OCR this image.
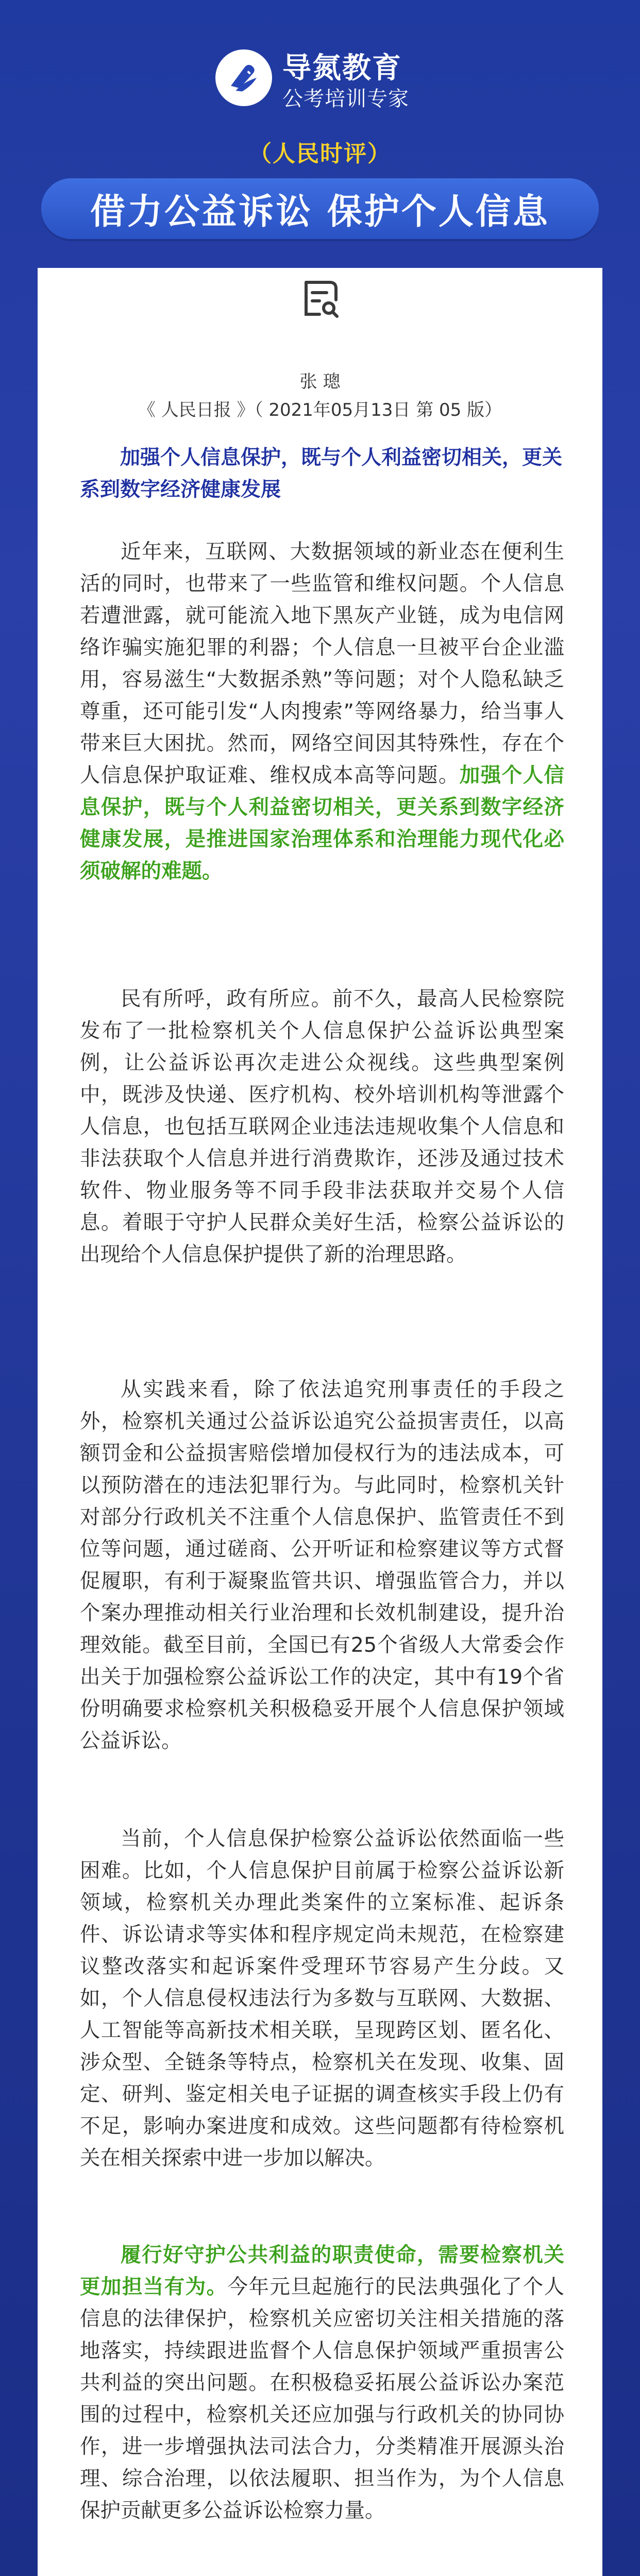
导氮教育
公考培训专家
（人民时评）
借力公益诉讼 保护个人信息
张 璁
《 人民日报 》（ 2021年05月13日 第 05 版）
加强个人信息保护，既与个人利益密切相关，更关系到数字经济健康发展

近年来，互联网、大数据领域的新业态在便利生活的同时，也带来了一些监管和维权问题。个人信息若遭泄露，就可能流入地下黑灰产业链，成为电信网络诈骗实施犯罪的利器；个人信息一旦被平台企业滥用，容易滋生“大数据杀熟”等问题；对个人隐私缺乏尊重，还可能引发“人肉搜索”等网络暴力，给当事人带来巨大困扰。然而，网络空间因其特殊性，存在个人信息保护取证难、维权成本高等问题。加强个人信息保护，既与个人利益密切相关，更关系到数字经济健康发展，是推进国家治理体系和治理能力现代化必须破解的难题。

民有所呼，政有所应。前不久，最高人民检察院发布了一批检察机关个人信息保护公益诉讼典型案例，让公益诉讼再次走进公众视线。这些典型案例中，既涉及快递、医疗机构、校外培训机构等泄露个人信息，也包括互联网企业违法违规收集个人信息和非法获取个人信息并进行消费欺诈，还涉及通过技术软件、物业服务等不同手段非法获取并交易个人信息。着眼于守护人民群众美好生活，检察公益诉讼的出现给个人信息保护提供了新的治理思路。

从实践来看，除了依法追究刑事责任的手段之外，检察机关通过公益诉讼追究公益损害责任，以高额罚金和公益损害赔偿增加侵权行为的违法成本，可以预防潜在的违法犯罪行为。与此同时，检察机关针对部分行政机关不注重个人信息保护、监管责任不到位等问题，通过磋商、公开听证和检察建议等方式督促履职，有利于凝聚监管共识、增强监管合力，并以个案办理推动相关行业治理和长效机制建设，提升治理效能。截至目前，全国已有25个省级人大常委会作出关于加强检察公益诉讼工作的决定，其中有19个省份明确要求检察机关积极稳妥开展个人信息保护领域公益诉讼。

当前，个人信息保护检察公益诉讼依然面临一些困难。比如，个人信息保护目前属于检察公益诉讼新领域，检察机关办理此类案件的立案标准、起诉条件、诉讼请求等实体和程序规定尚未规范，在检察建议整改落实和起诉案件受理环节容易产生分歧。又如，个人信息侵权违法行为多数与互联网、大数据、人工智能等高新技术相关联，呈现跨区划、匿名化、涉众型、全链条等特点，检察机关在发现、收集、固定、研判、鉴定相关电子证据的调查核实手段上仍有不足，影响办案进度和成效。这些问题都有待检察机关在相关探索中进一步加以解决。

履行好守护公共利益的职责使命，需要检察机关更加担当有为。今年元旦起施行的民法典强化了个人信息的法律保护，检察机关应密切关注相关措施的落地落实，持续跟进监督个人信息保护领域严重损害公共利益的突出问题。在积极稳妥拓展公益诉讼办案范围的过程中，检察机关还应加强与行政机关的协同协作，进一步增强执法司法合力，分类精准开展源头治理、综合治理，以依法履职、担当作为，为个人信息保护贡献更多公益诉讼检察力量。
